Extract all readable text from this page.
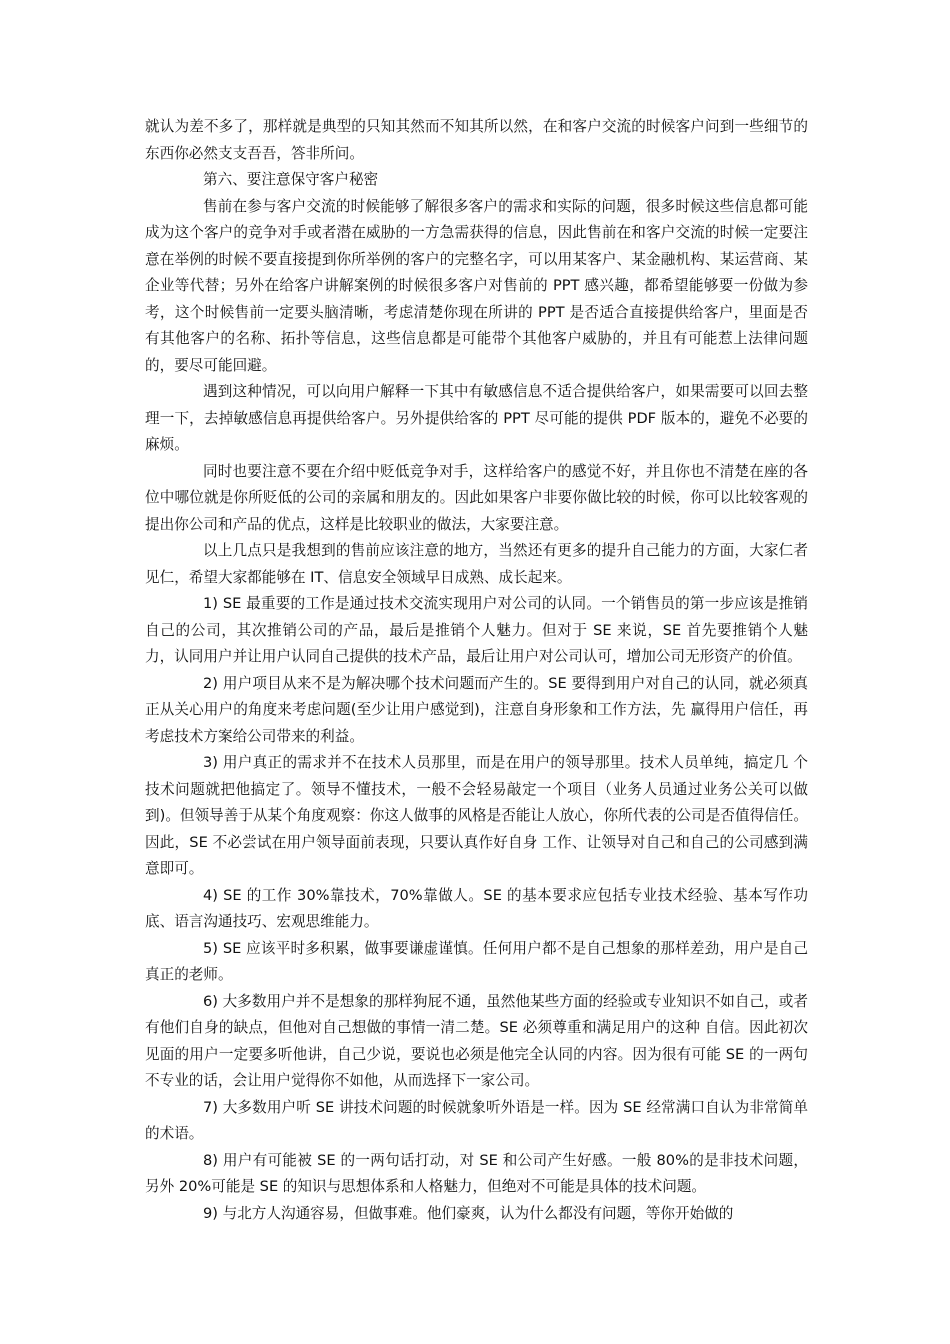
就认为差不多了，那样就是典型的只知其然而不知其所以然，在和客户交流的时候客户问到一些细节的东西你必然支支吾吾，答非所问。

第六、要注意保守客户秘密

售前在参与客户交流的时候能够了解很多客户的需求和实际的问题，很多时候这些信息都可能成为这个客户的竞争对手或者潜在威胁的一方急需获得的信息，因此售前在和客户交流的时候一定要注意在举例的时候不要直接提到你所举例的客户的完整名字，可以用某客户、某金融机构、某运营商、某企业等代替；另外在给客户讲解案例的时候很多客户对售前的 PPT 感兴趣，都希望能够要一份做为参考，这个时候售前一定要头脑清晰，考虑清楚你现在所讲的 PPT 是否适合直接提供给客户，里面是否有其他客户的名称、拓扑等信息，这些信息都是可能带个其他客户威胁的，并且有可能惹上法律问题的，要尽可能回避。

遇到这种情况，可以向用户解释一下其中有敏感信息不适合提供给客户，如果需要可以回去整理一下，去掉敏感信息再提供给客户。另外提供给客的 PPT 尽可能的提供 PDF 版本的，避免不必要的麻烦。

同时也要注意不要在介绍中贬低竞争对手，这样给客户的感觉不好，并且你也不清楚在座的各位中哪位就是你所贬低的公司的亲属和朋友的。因此如果客户非要你做比较的时候，你可以比较客观的提出你公司和产品的优点，这样是比较职业的做法，大家要注意。

以上几点只是我想到的售前应该注意的地方，当然还有更多的提升自己能力的方面，大家仁者见仁，希望大家都能够在 IT、信息安全领域早日成熟、成长起来。

1) SE 最重要的工作是通过技术交流实现用户对公司的认同。一个销售员的第一步应该是推销自己的公司，其次推销公司的产品，最后是推销个人魅力。但对于 SE 来说，SE 首先要推销个人魅力，认同用户并让用户认同自己提供的技术产品，最后让用户对公司认可，增加公司无形资产的价值。

2) 用户项目从来不是为解决哪个技术问题而产生的。SE 要得到用户对自己的认同，就必须真正从关心用户的角度来考虑问题(至少让用户感觉到)，注意自身形象和工作方法，先 赢得用户信任，再考虑技术方案给公司带来的利益。

3) 用户真正的需求并不在技术人员那里，而是在用户的领导那里。技术人员单纯，搞定几 个技术问题就把他搞定了。领导不懂技术，一般不会轻易敲定一个项目（业务人员通过业务公关可以做到)。但领导善于从某个角度观察：你这人做事的风格是否能让人放心，你所代表的公司是否值得信任。因此，SE 不必尝试在用户领导面前表现，只要认真作好自身 工作、让领导对自己和自己的公司感到满意即可。

4) SE 的工作 30%靠技术，70%靠做人。SE 的基本要求应包括专业技术经验、基本写作功底、语言沟通技巧、宏观思维能力。

5) SE 应该平时多积累，做事要谦虚谨慎。任何用户都不是自己想象的那样差劲，用户是自己真正的老师。

6) 大多数用户并不是想象的那样狗屁不通，虽然他某些方面的经验或专业知识不如自己，或者有他们自身的缺点，但他对自己想做的事情一清二楚。SE 必须尊重和满足用户的这种 自信。因此初次见面的用户一定要多听他讲，自己少说，要说也必须是他完全认同的内容。因为很有可能 SE 的一两句不专业的话，会让用户觉得你不如他，从而选择下一家公司。

7) 大多数用户听 SE 讲技术问题的时候就象听外语是一样。因为 SE 经常满口自认为非常简单的术语。

8) 用户有可能被 SE 的一两句话打动，对 SE 和公司产生好感。一般 80%的是非技术问题，另外 20%可能是 SE 的知识与思想体系和人格魅力，但绝对不可能是具体的技术问题。

9) 与北方人沟通容易，但做事难。他们豪爽，认为什么都没有问题，等你开始做的
